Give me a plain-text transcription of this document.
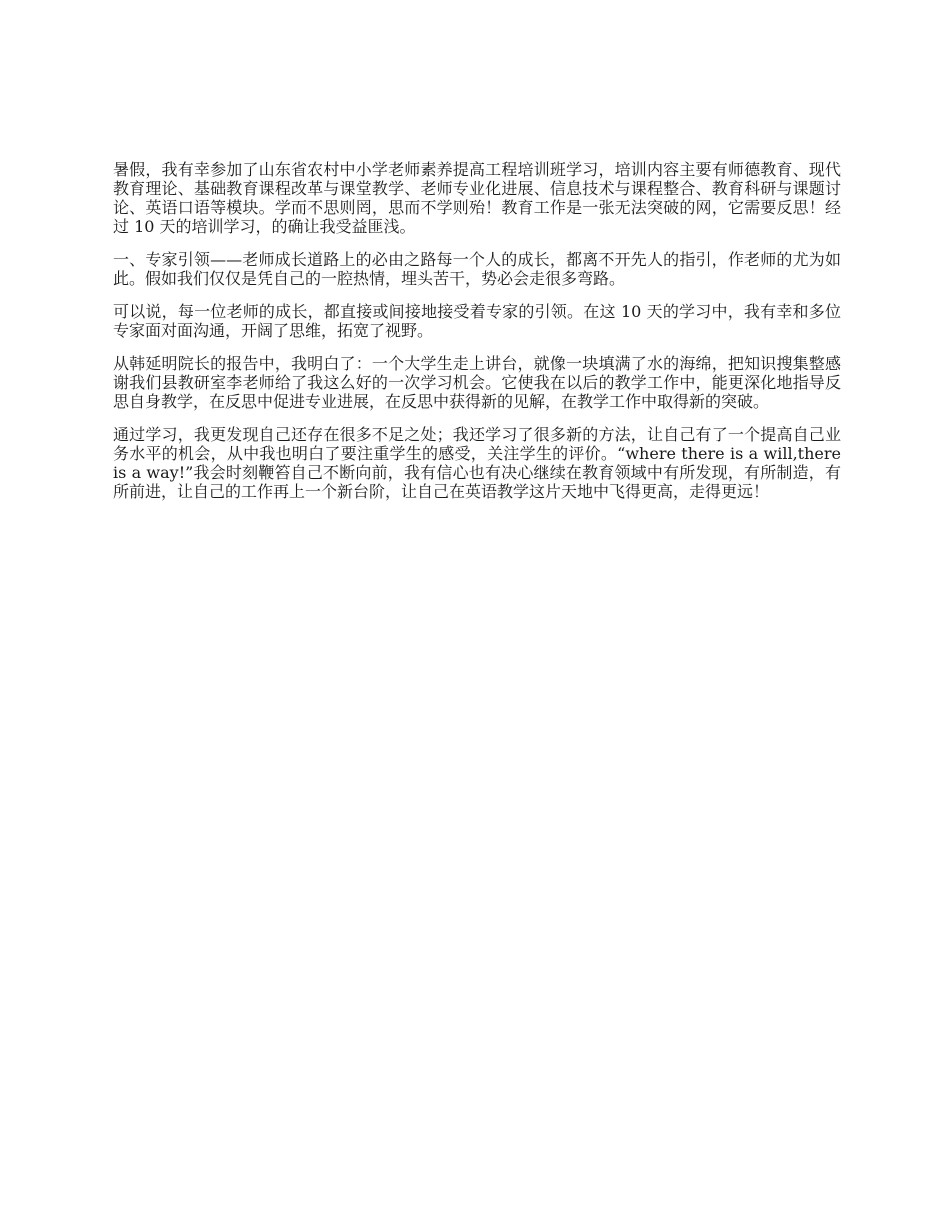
暑假，我有幸参加了山东省农村中小学老师素养提高工程培训班学习，培训内容主要有师德教育、现代教育理论、基础教育课程改革与课堂教学、老师专业化进展、信息技术与课程整合、教育科研与课题讨论、英语口语等模块。学而不思则罔，思而不学则殆！教育工作是一张无法突破的网，它需要反思！经过 10 天的培训学习，的确让我受益匪浅。

一、专家引领——老师成长道路上的必由之路每一个人的成长，都离不开先人的指引，作老师的尤为如此。假如我们仅仅是凭自己的一腔热情，埋头苦干，势必会走很多弯路。

可以说，每一位老师的成长，都直接或间接地接受着专家的引领。在这 10 天的学习中，我有幸和多位专家面对面沟通，开阔了思维，拓宽了视野。

从韩延明院长的报告中，我明白了：一个大学生走上讲台，就像一块填满了水的海绵，把知识搜集整感谢我们县教研室李老师给了我这么好的一次学习机会。它使我在以后的教学工作中，能更深化地指导反思自身教学，在反思中促进专业进展，在反思中获得新的见解，在教学工作中取得新的突破。

通过学习，我更发现自己还存在很多不足之处；我还学习了很多新的方法，让自己有了一个提高自己业务水平的机会，从中我也明白了要注重学生的感受，关注学生的评价。“where there is a will,there is a way!”我会时刻鞭笞自己不断向前，我有信心也有决心继续在教育领域中有所发现，有所制造，有所前进，让自己的工作再上一个新台阶，让自己在英语教学这片天地中飞得更高，走得更远！
